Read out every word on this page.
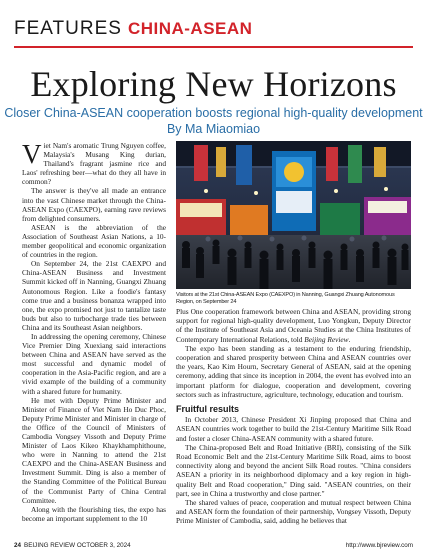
FEATURES CHINA-ASEAN
Exploring New Horizons
Closer China-ASEAN cooperation boosts regional high-quality development
By Ma Miaomiao

Viet Nam's aromatic Trung Nguyen coffee, Malaysia's Musang King durian, Thailand's fragrant jasmine rice and Laos' refreshing beer—what do they all have in common?

The answer is they've all made an entrance into the vast Chinese market through the China-ASEAN Expo (CAEXPO), earning rave reviews from delighted consumers.

ASEAN is the abbreviation of the Association of Southeast Asian Nations, a 10-member geopolitical and economic organization of countries in the region.

On September 24, the 21st CAEXPO and China-ASEAN Business and Investment Summit kicked off in Nanning, Guangxi Zhuang Autonomous Region. Like a foodie's fantasy come true and a business bonanza wrapped into one, the expo promised not just to tantalize taste buds but also to turbocharge trade ties between China and its Southeast Asian neighbors.

In addressing the opening ceremony, Chinese Vice Premier Ding Xuexiang said interactions between China and ASEAN have served as the most successful and dynamic model of cooperation in the Asia-Pacific region, and are a vivid example of the building of a community with a shared future for humanity.

He met with Deputy Prime Minister and Minister of Finance of Viet Nam Ho Duc Phoc, Deputy Prime Minister and Minister in charge of the Office of the Council of Ministers of Cambodia Vongsey Vissoth and Deputy Prime Minister of Laos Kikeo Khaykhamphithoune, who were in Nanning to attend the 21st CAEXPO and the China-ASEAN Business and Investment Summit. Ding is also a member of the Standing Committee of the Political Bureau of the Communist Party of China Central Committee.

Along with the flourishing ties, the expo has become an important supplement to the 10

Visitors at the 21st China-ASEAN Expo (CAEXPO) in Nanning, Guangxi Zhuang Autonomous Region, on September 24

Plus One cooperation framework between China and ASEAN, providing strong support for regional high-quality development, Luo Yongkun, Deputy Director of the Institute of Southeast Asia and Oceania Studies at the China Institutes of Contemporary International Relations, told Beijing Review.

The expo has been standing as a testament to the enduring friendship, cooperation and shared prosperity between China and ASEAN countries over the years, Kao Kim Hourn, Secretary General of ASEAN, said at the opening ceremony, adding that since its inception in 2004, the event has evolved into an important platform for dialogue, cooperation and development, covering sectors such as infrastructure, agriculture, technology, education and tourism.

Fruitful results

In October 2013, Chinese President Xi Jinping proposed that China and ASEAN countries work together to build the 21st-Century Maritime Silk Road and foster a closer China-ASEAN community with a shared future.

The China-proposed Belt and Road Initiative (BRI), consisting of the Silk Road Economic Belt and the 21st-Century Maritime Silk Road, aims to boost connectivity along and beyond the ancient Silk Road routes. "China considers ASEAN a priority in its neighborhood diplomacy and a key region in high-quality Belt and Road cooperation," Ding said. "ASEAN countries, on their part, see in China a trustworthy and close partner."

The shared values of peace, cooperation and mutual respect between China and ASEAN form the foundation of their partnership, Vongsey Vissoth, Deputy Prime Minister of Cambodia, said, adding he believes that

24 BEIJING REVIEW OCTOBER 3, 2024	http://www.bjreview.com
